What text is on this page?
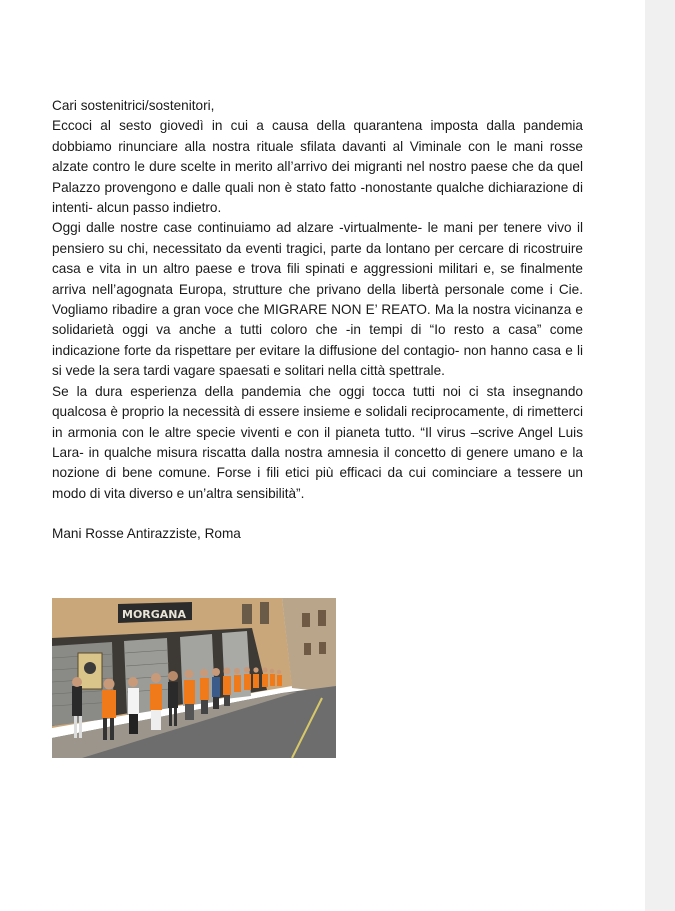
Cari sostenitrici/sostenitori,

Eccoci al sesto giovedì in cui a causa della quarantena imposta dalla pandemia dobbiamo rinunciare alla nostra rituale sfilata davanti al Viminale con le mani rosse alzate contro le dure scelte in merito all’arrivo dei migranti nel nostro paese che da quel Palazzo provengono e dalle quali non è stato fatto -nonostante qualche dichiarazione di intenti- alcun passo indietro.

Oggi dalle nostre case continuiamo ad alzare -virtualmente- le mani per tenere vivo il pensiero su chi, necessitato da eventi tragici, parte da lontano per cercare di ricostruire casa e vita in un altro paese e trova fili spinati e aggressioni militari e, se finalmente arriva nell’agognata Europa, strutture che privano della libertà personale come i Cie. Vogliamo ribadire a gran voce che MIGRARE NON E’ REATO. Ma la nostra vicinanza e solidarietà oggi va anche a tutti coloro che -in tempi di “Io resto a casa” come indicazione forte da rispettare per evitare la diffusione del contagio- non hanno casa e li si vede la sera tardi vagare spaesati e solitari nella città spettrale.

Se la dura esperienza della pandemia che oggi tocca tutti noi ci sta insegnando qualcosa è proprio la necessità di essere insieme e solidali reciprocamente, di rimetterci in armonia con le altre specie viventi e con il pianeta tutto. “Il virus –scrive Angel Luis Lara- in qualche misura riscatta dalla nostra amnesia il concetto di genere umano e la nozione di bene comune. Forse i fili etici più efficaci da cui cominciare a tessere un modo di vita diverso e un’altra sensibilità”.

Mani Rosse Antirazziste, Roma

MORGANA
